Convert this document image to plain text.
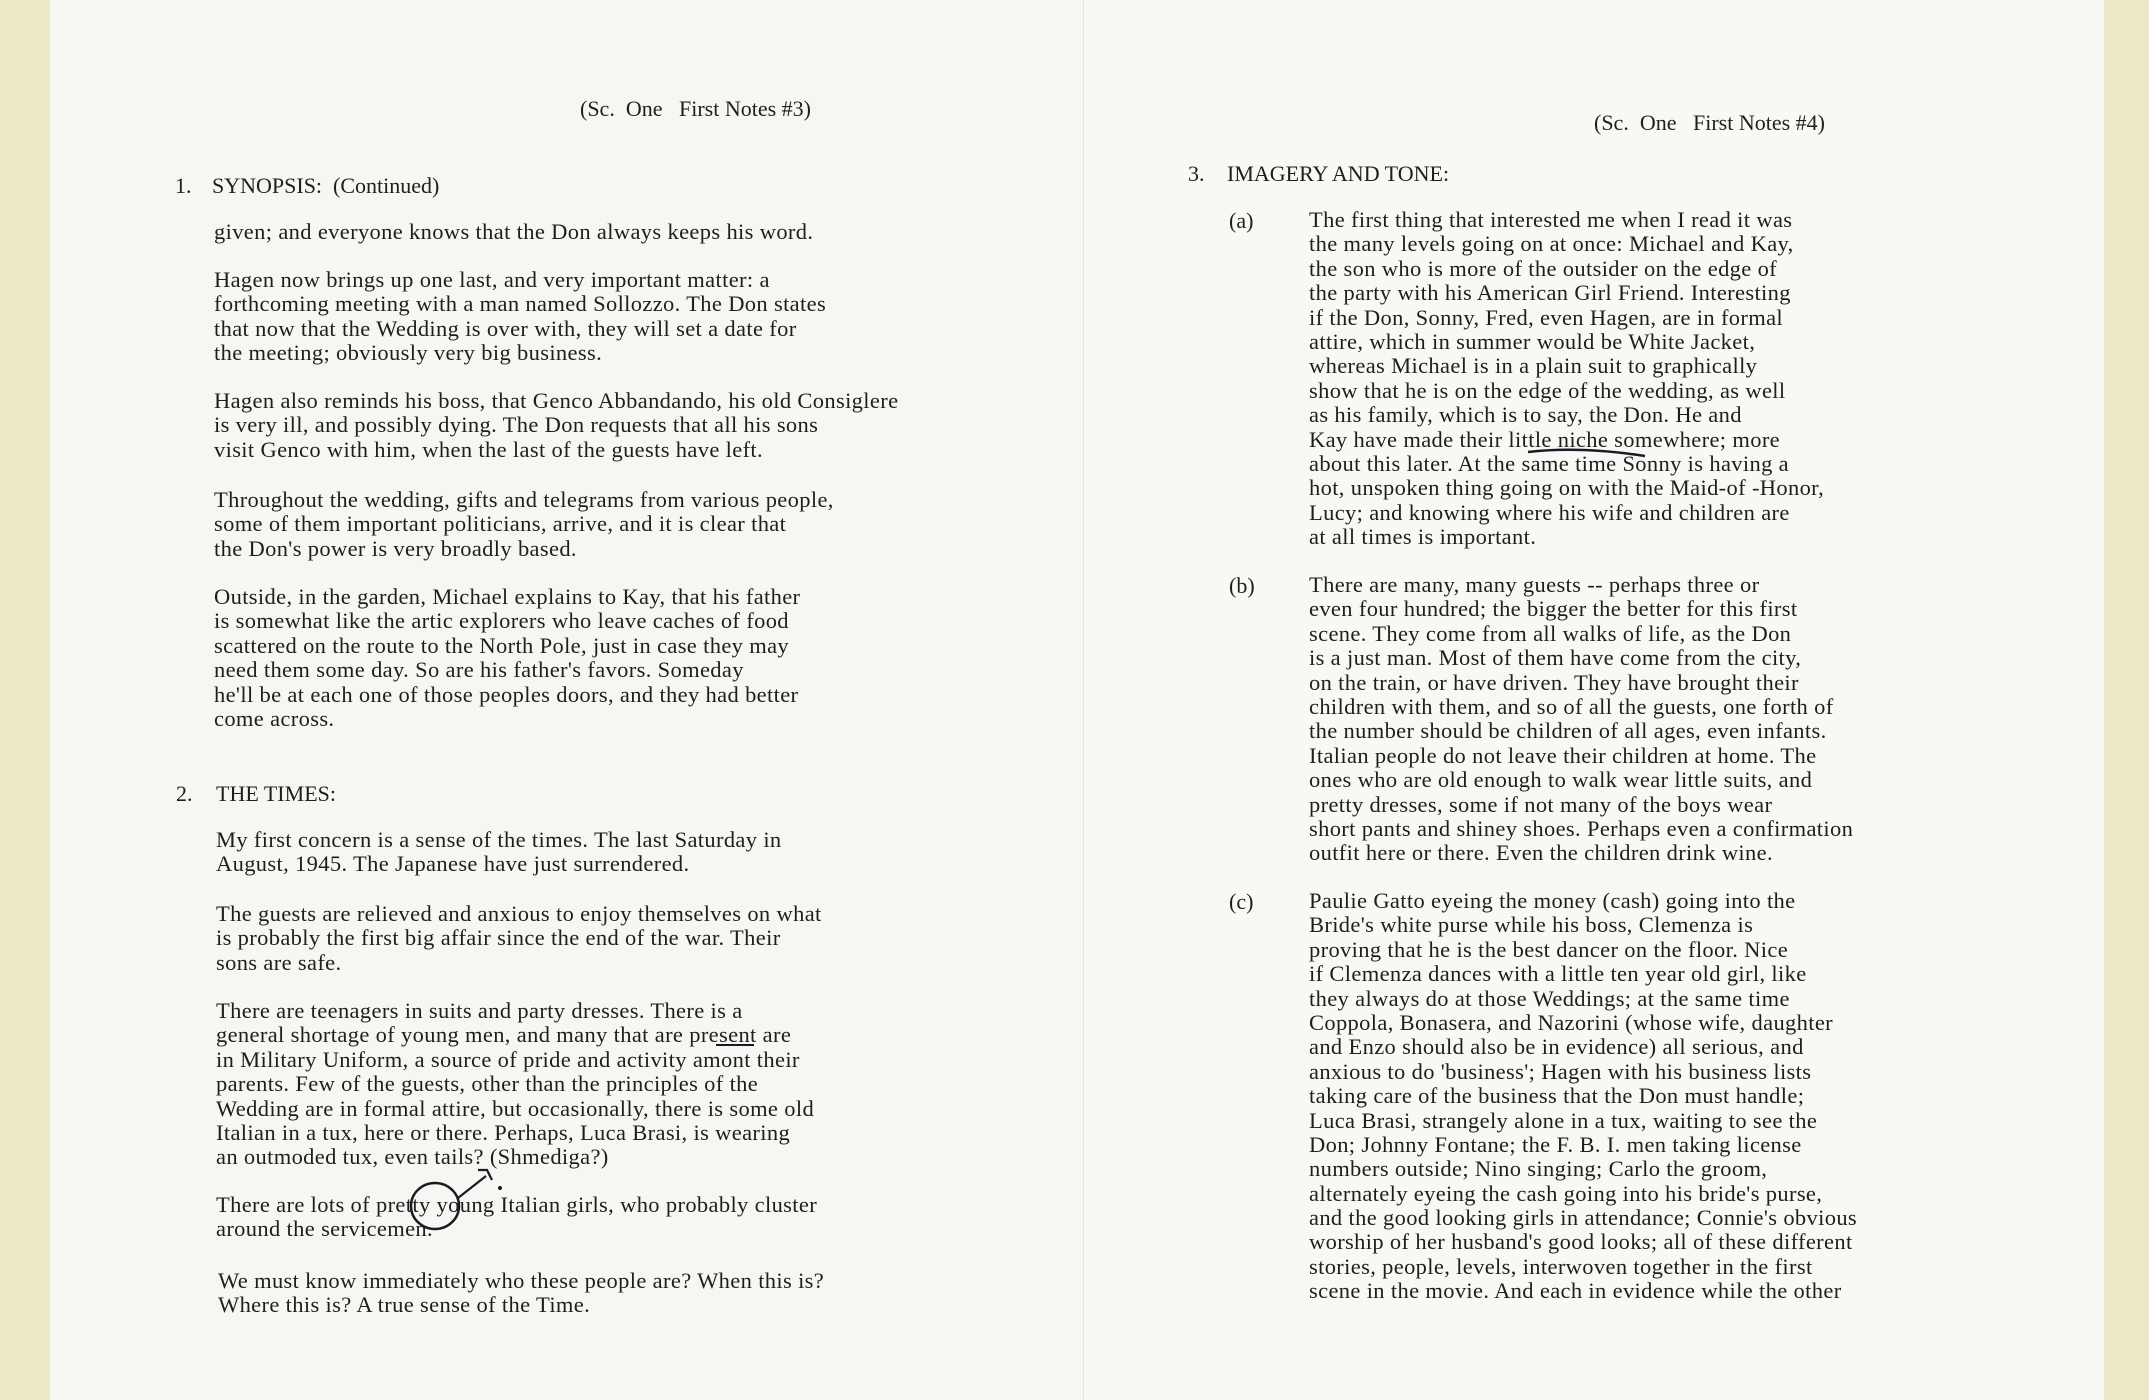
(Sc.  One   First Notes #3)
1. SYNOPSIS:  (Continued)
given; and everyone knows that the Don always keeps his word.
Hagen now brings up one last, and very important matter: a
forthcoming meeting with a man named Sollozzo. The Don states
that now that the Wedding is over with, they will set a date for
the meeting; obviously very big business.
Hagen also reminds his boss, that Genco Abbandando, his old Consiglere
is very ill, and possibly dying. The Don requests that all his sons
visit Genco with him, when the last of the guests have left.
Throughout the wedding, gifts and telegrams from various people,
some of them important politicians, arrive, and it is clear that
the Don's power is very broadly based.
Outside, in the garden, Michael explains to Kay, that his father
is somewhat like the artic explorers who leave caches of food
scattered on the route to the North Pole, just in case they may
need them some day. So are his father's favors. Someday
he'll be at each one of those peoples doors, and they had better
come across.
2. THE TIMES:
My first concern is a sense of the times. The last Saturday in
August, 1945. The Japanese have just surrendered.
The guests are relieved and anxious to enjoy themselves on what
is probably the first big affair since the end of the war. Their
sons are safe.
There are teenagers in suits and party dresses. There is a
general shortage of young men, and many that are present are
in Military Uniform, a source of pride and activity amont their
parents. Few of the guests, other than the principles of the
Wedding are in formal attire, but occasionally, there is some old
Italian in a tux, here or there. Perhaps, Luca Brasi, is wearing
an outmoded tux, even tails? (Shmediga?)
There are lots of pretty young Italian girls, who probably cluster
around the servicemen.
We must know immediately who these people are? When this is?
Where this is? A true sense of the Time.
(Sc.  One   First Notes #4)
3. IMAGERY AND TONE:
(a) The first thing that interested me when I read it was
the many levels going on at once: Michael and Kay,
the son who is more of the outsider on the edge of
the party with his American Girl Friend. Interesting
if the Don, Sonny, Fred, even Hagen, are in formal
attire, which in summer would be White Jacket,
whereas Michael is in a plain suit to graphically
show that he is on the edge of the wedding, as well
as his family, which is to say, the Don. He and
Kay have made their little niche somewhere; more
about this later. At the same time Sonny is having a
hot, unspoken thing going on with the Maid-of -Honor,
Lucy; and knowing where his wife and children are
at all times is important.
(b) There are many, many guests -- perhaps three or
even four hundred; the bigger the better for this first
scene. They come from all walks of life, as the Don
is a just man. Most of them have come from the city,
on the train, or have driven. They have brought their
children with them, and so of all the guests, one forth of
the number should be children of all ages, even infants.
Italian people do not leave their children at home. The
ones who are old enough to walk wear little suits, and
pretty dresses, some if not many of the boys wear
short pants and shiney shoes. Perhaps even a confirmation
outfit here or there. Even the children drink wine.
(c) Paulie Gatto eyeing the money (cash) going into the
Bride's white purse while his boss, Clemenza is
proving that he is the best dancer on the floor. Nice
if Clemenza dances with a little ten year old girl, like
they always do at those Weddings; at the same time
Coppola, Bonasera, and Nazorini (whose wife, daughter
and Enzo should also be in evidence) all serious, and
anxious to do 'business'; Hagen with his business lists
taking care of the business that the Don must handle;
Luca Brasi, strangely alone in a tux, waiting to see the
Don; Johnny Fontane; the F. B. I. men taking license
numbers outside; Nino singing; Carlo the groom,
alternately eyeing the cash going into his bride's purse,
and the good looking girls in attendance; Connie's obvious
worship of her husband's good looks; all of these different
stories, people, levels, interwoven together in the first
scene in the movie. And each in evidence while the other
